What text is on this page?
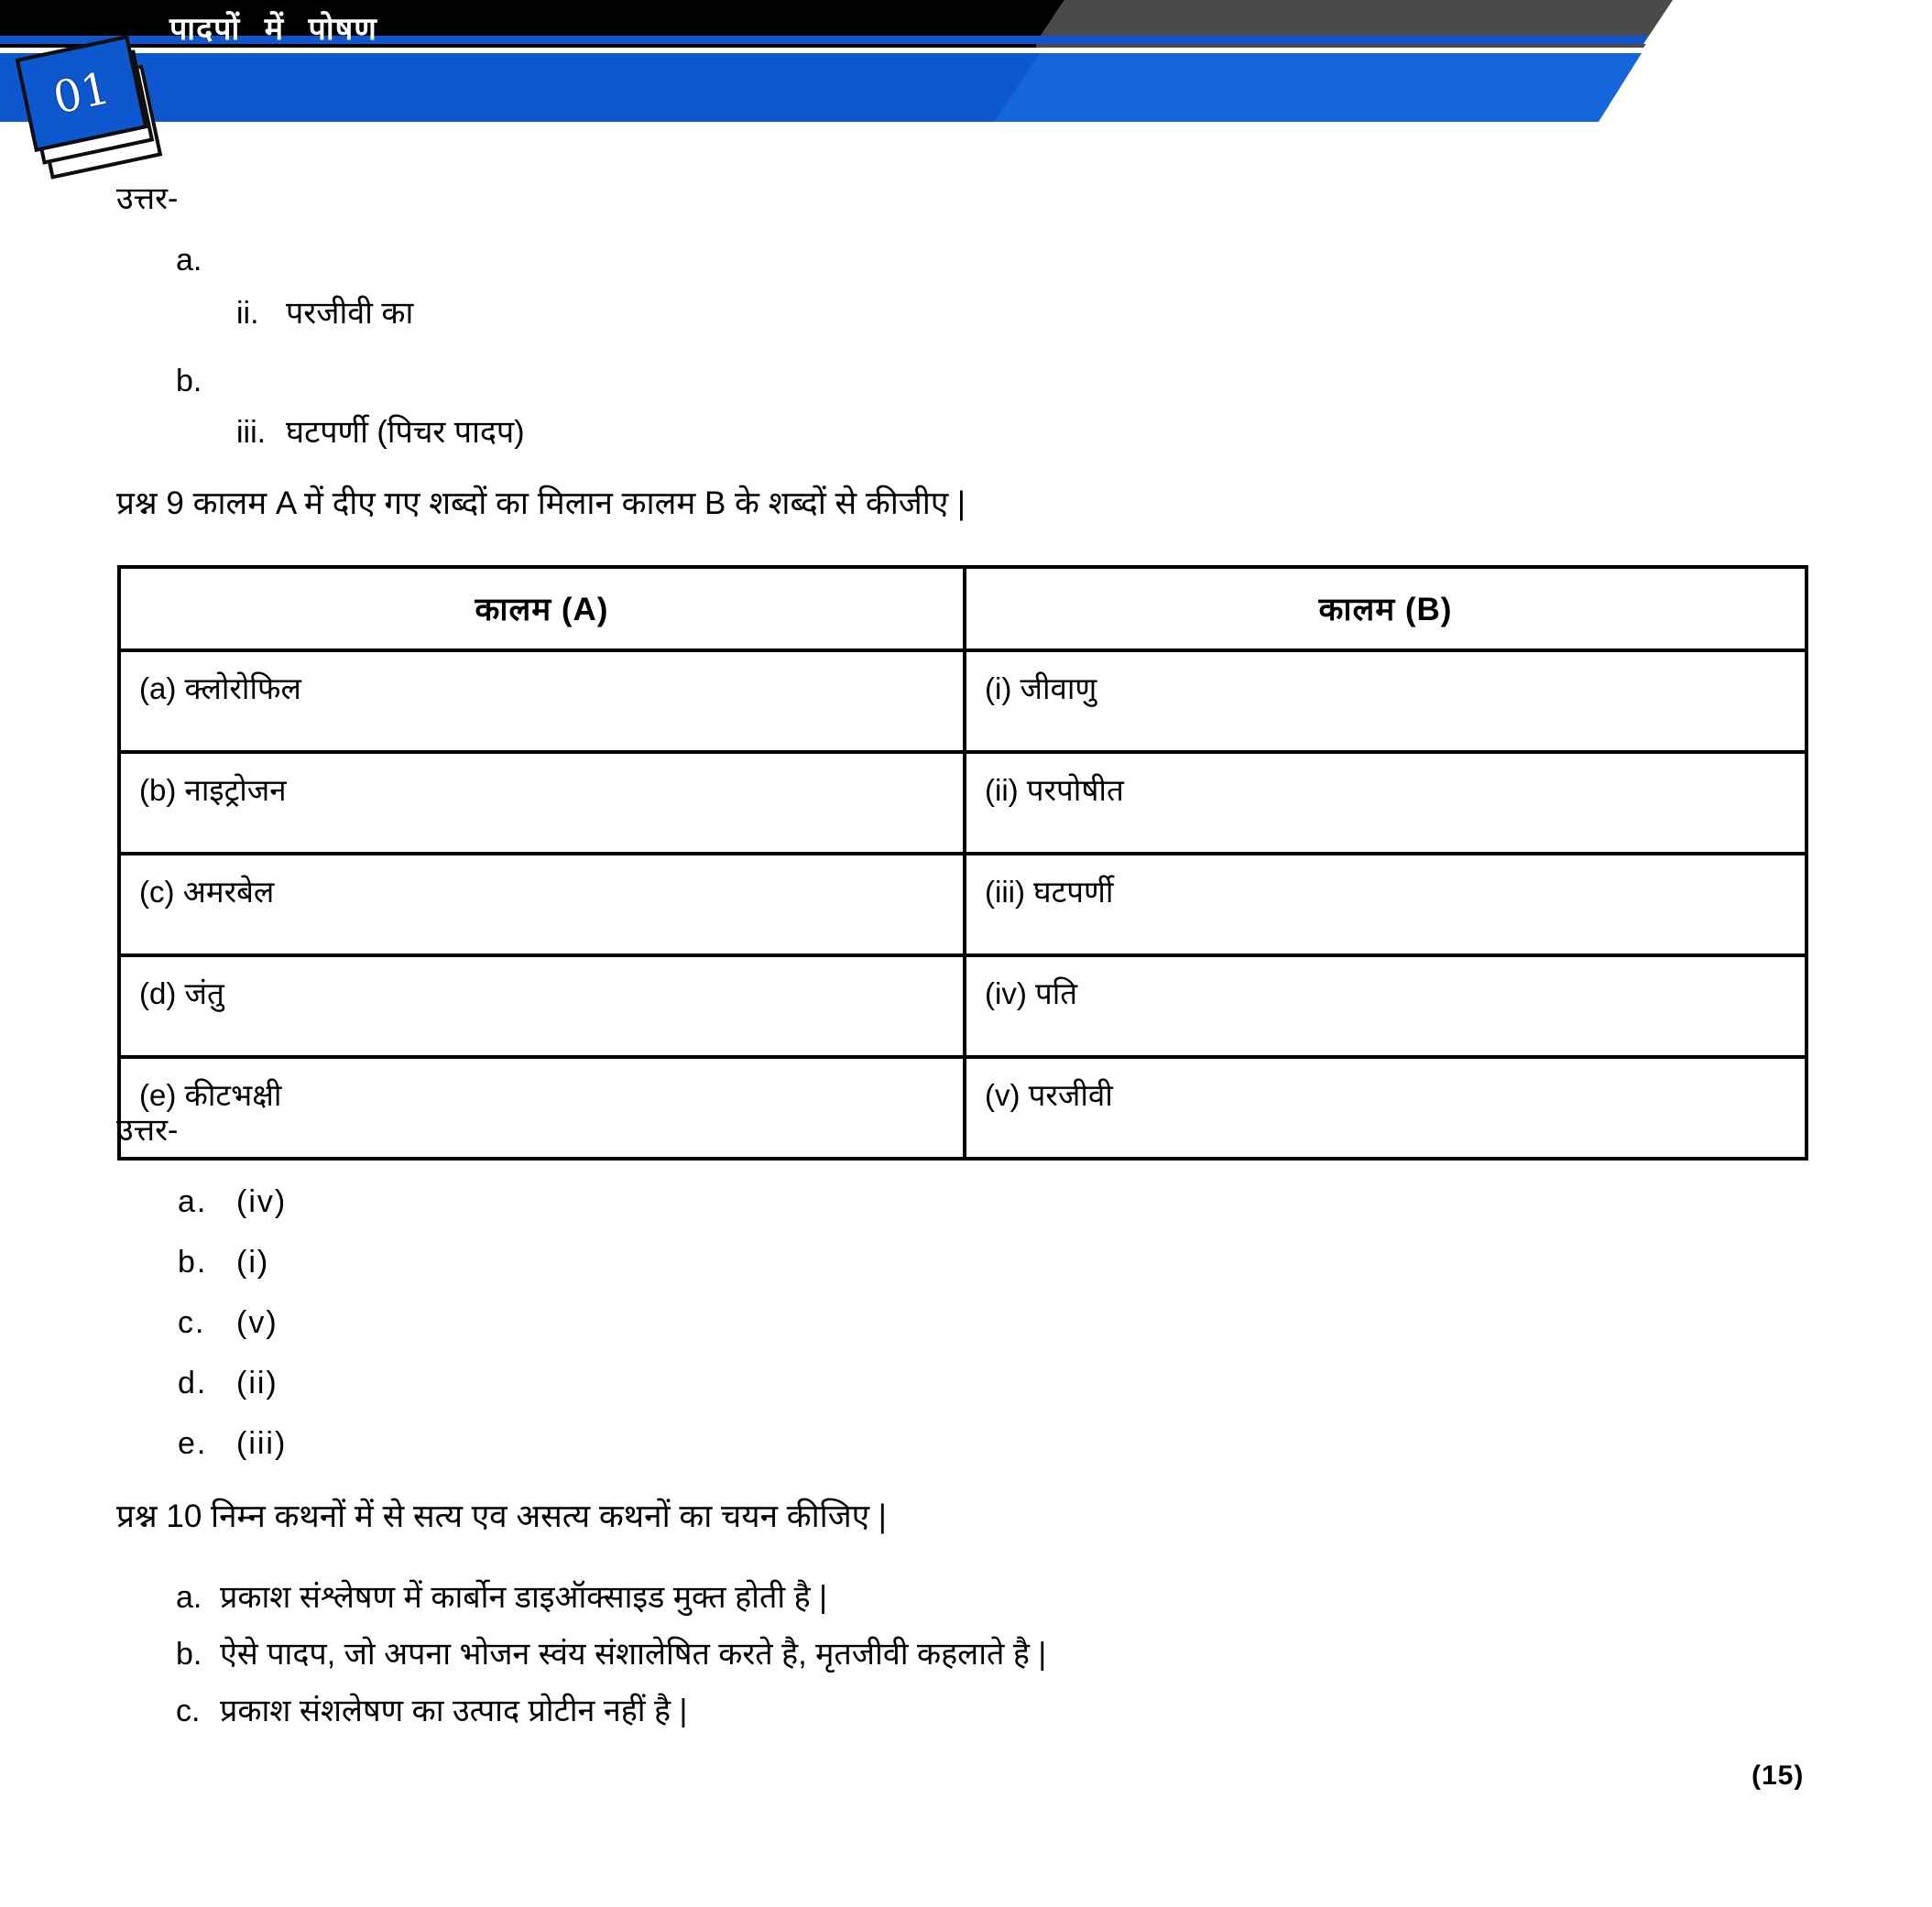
पादपों में पोषण
01
उत्तर-
a.
ii. परजीवी का
b.
iii. घटपर्णी (पिचर पादप)
प्रश्न 9 कालम A में दीए गए शब्दों का मिलान कालम B के शब्दों से कीजीए |
कालम (A)	कालम (B)
(a) क्लोरोफिल	(i) जीवाणु
(b) नाइट्रोजन	(ii) परपोषीत
(c) अमरबेल	(iii) घटपर्णी
(d) जंतु	(iv) पति
(e) कीटभक्षी	(v) परजीवी
उत्तर-
a. (iv)
b. (i)
c. (v)
d. (ii)
e. (iii)
प्रश्न 10 निम्न कथनों में से सत्य एव असत्य कथनों का चयन कीजिए |
a. प्रकाश संश्लेषण में कार्बोन डाइऑक्साइड मुक्त होती है |
b. ऐसे पादप, जो अपना भोजन स्वंय संशालेषित करते है, मृतजीवी कहलाते है |
c. प्रकाश संशलेषण का उत्पाद प्रोटीन नहीं है |
(15)
